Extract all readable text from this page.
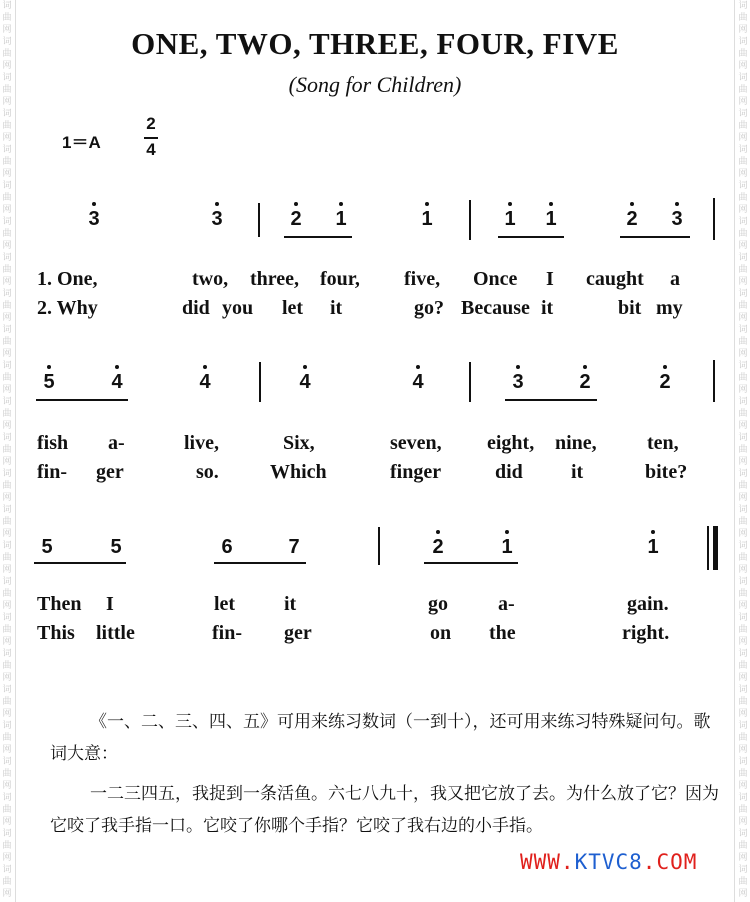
词
曲
网
词
曲
网
词
曲
网
词
曲
网
词
曲
网
词
曲
网
词
曲
网
词
曲
网
词
曲
网
词
曲
网
词
曲
网
词
曲
网
词
曲
网
词
曲
网
词
曲
网
词
曲
网
词
曲
网
词
曲
网
词
曲
网
词
曲
网
词
曲
网
词
曲
网
词
曲
网
词
曲
网
词
曲
网
词
曲
网
词
曲
网
词
曲
网
词
曲
网
词
曲
网
词
曲
网
词
曲
网
词
曲
网
词
曲
网
词
曲
网
词
曲
网
词
曲
网
词
曲
网
词
曲
网
词
曲
网
词
曲
网
词
曲
网
词
曲
网
词
曲
网
词
曲
网
词
曲
网
词
曲
网
词
曲
网
词
曲
网
词
曲
网
ONE, TWO, THREE, FOUR, FIVE
(Song for Children)
1＝A
2
4
3	3	2 1	1	1 1	2 3
1. One,	two, three, four, five, Once I caught a
2. Why	did you let it	go? Because it	bit my
5	4	4	4	4	3	2	2
fish a-	live,	Six,	seven, eight, nine,	ten,
fin- ger	so.	Which	finger	did it	bite?
5	5	6	7	2	1	1
Then I	let it	go	a-	gain.
This little	fin- ger	on the	right.
《一、二、三、四、五》可用来练习数词（一到十），还可用来练习特殊疑问句。歌词大意：
一二三四五，我捉到一条活鱼。六七八九十，我又把它放了去。为什么放了它？因为它咬了我手指一口。它咬了你哪个手指？它咬了我右边的小手指。
WWW.KTVC8.COM
